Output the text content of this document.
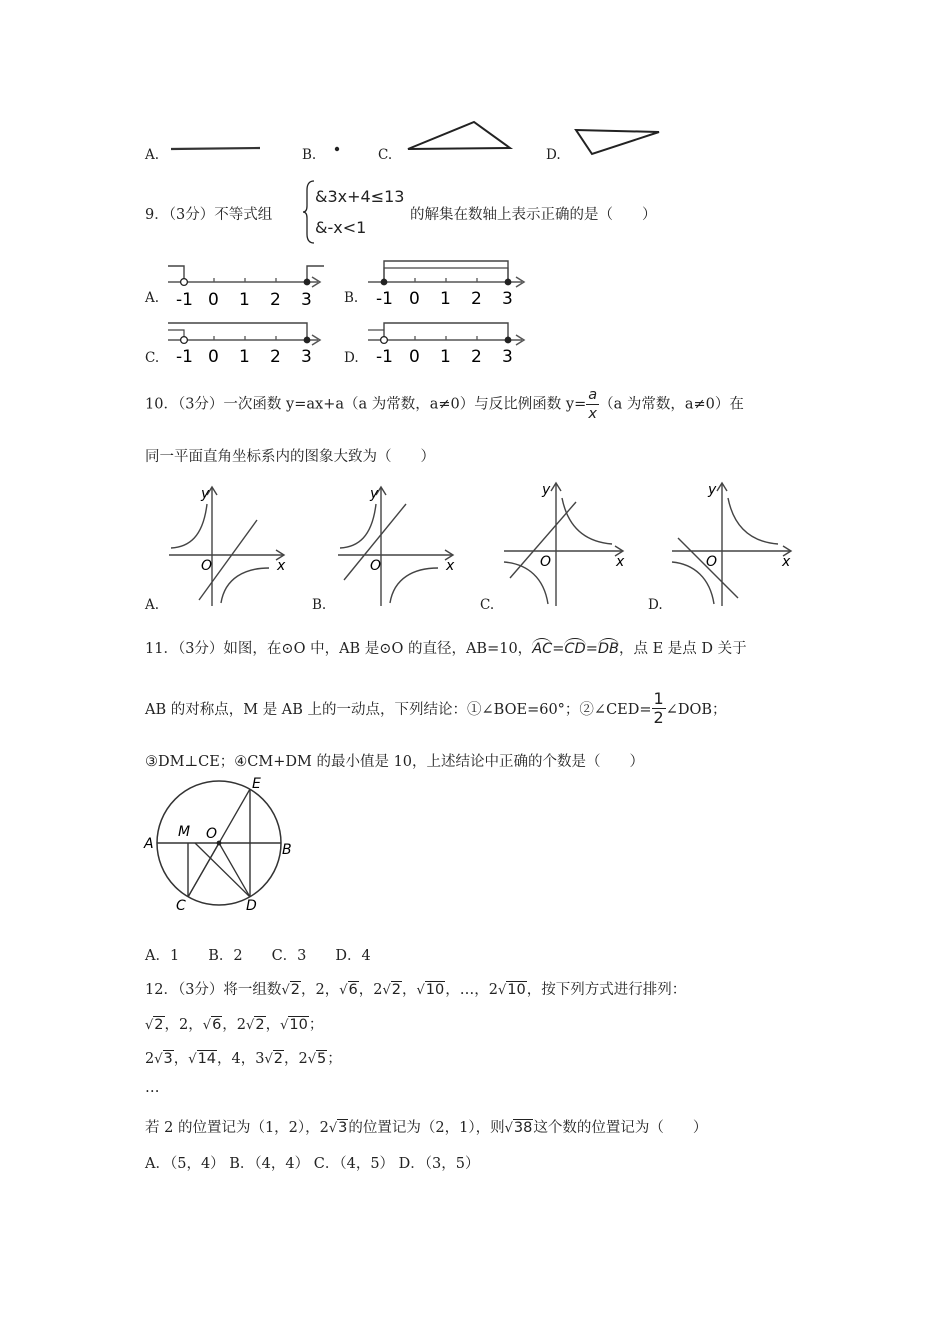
A.	B.	C.	D.
9．（3分）不等式组
&3x+4≤13
&-x<1
的解集在数轴上表示正确的是（　　）
A. -1 0 1 2 3 B. -1 0 1 2 3
C. -1 0 1 2 3 D. -1 0 1 2 3
10．（3分）一次函数 y=ax+a（a 为常数，a≠0）与反比例函数 $y= \frac{a}{x} (a$ 为常数，a≠0）在
同一平面直角坐标系内的图象大致为（　　）
A.
y
x
O
B.
y
x
O
C.
y
x
O
D.
y
x
O
11．（3分）如图，在⊙O 中，AB 是⊙O 的直径，AB=10，AC=CD=DB，点 E 是点 D 关于
AB 的对称点，M 是 AB 上的一动点，下列结论：①∠BOE=60°；②∠CED= $\frac{1}{2}$ ∠DOB；
③DM⊥CE；④CM+DM 的最小值是 10，上述结论中正确的个数是（　　）
A	B
C	D
E
M O
A．1　　B．2　　C．3　　D．4
12．（3分）将一组数√2，2，√6，2√2，√10，…，2√10，按下列方式进行排列：
√2，2，√6，2√2，√10；
2√3，√14，4，3√2，2√5；
…
若 2 的位置记为（1，2），2√3的位置记为（2，1），则√38这个数的位置记为（　　）
A．（5，4） B．（4，4） C．（4，5） D．（3，5）
